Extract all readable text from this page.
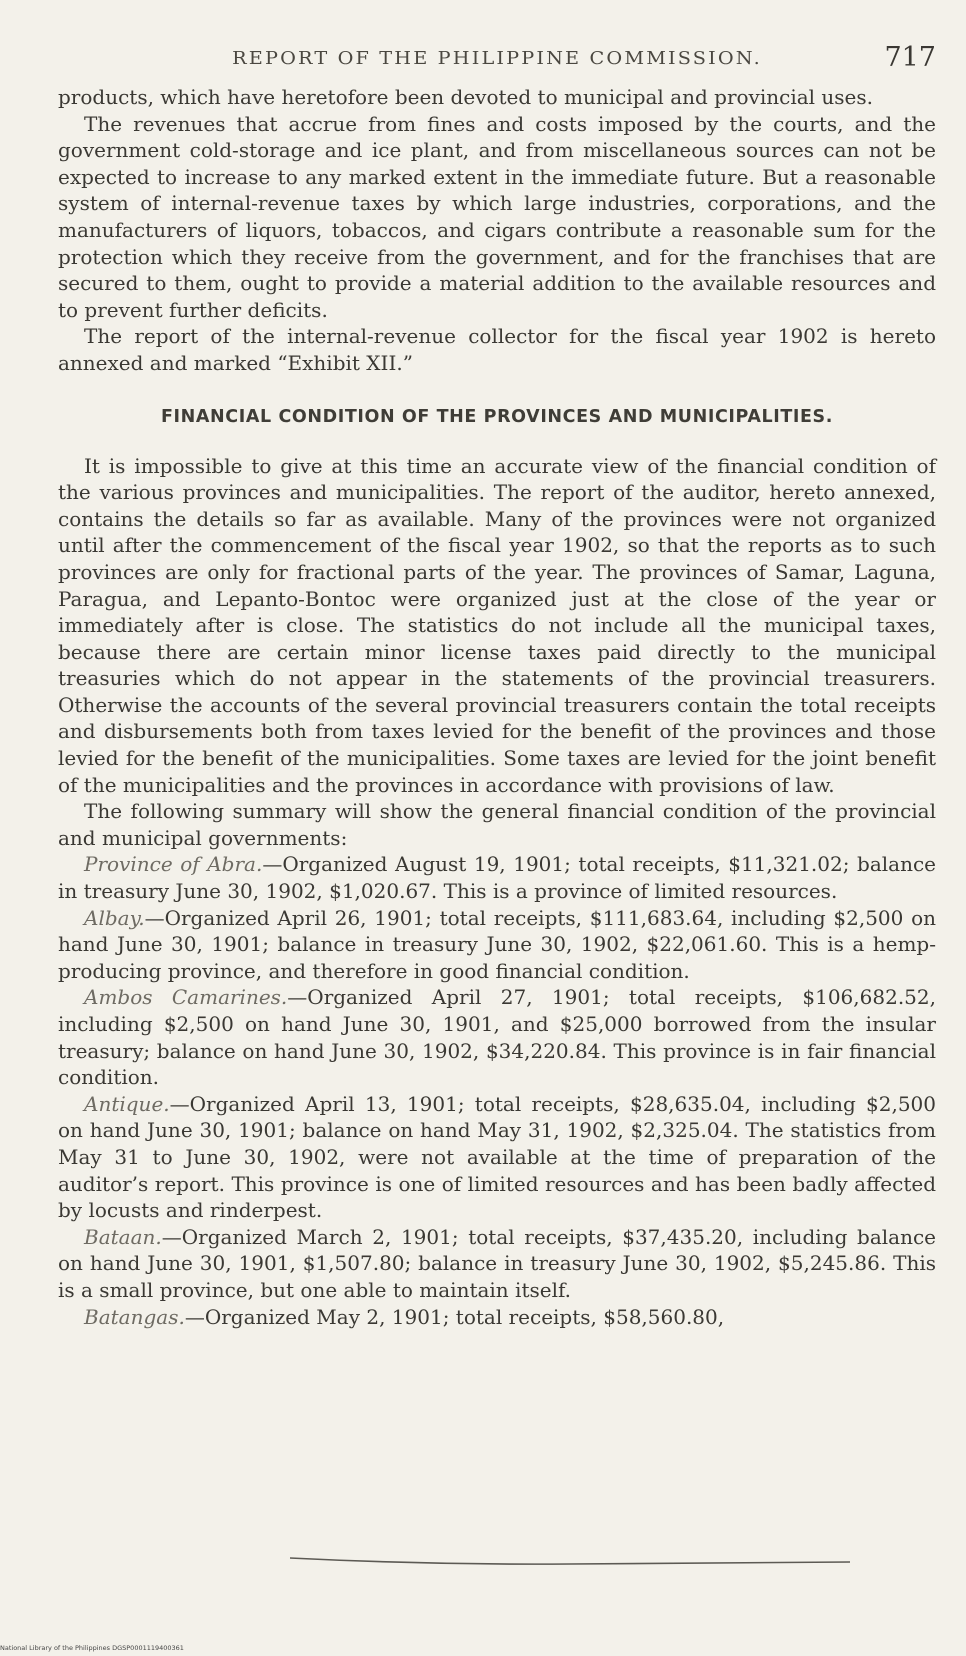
REPORT OF THE PHILIPPINE COMMISSION.	717

products, which have heretofore been devoted to municipal and provincial uses.

The revenues that accrue from fines and costs imposed by the courts, and the government cold-storage and ice plant, and from miscellaneous sources can not be expected to increase to any marked extent in the immediate future. But a reasonable system of internal-revenue taxes by which large industries, corporations, and the manufacturers of liquors, tobaccos, and cigars contribute a reasonable sum for the protection which they receive from the government, and for the franchises that are secured to them, ought to provide a material addition to the available resources and to prevent further deficits.

The report of the internal-revenue collector for the fiscal year 1902 is hereto annexed and marked “Exhibit XII.”

FINANCIAL CONDITION OF THE PROVINCES AND MUNICIPALITIES.

It is impossible to give at this time an accurate view of the financial condition of the various provinces and municipalities. The report of the auditor, hereto annexed, contains the details so far as available. Many of the provinces were not organized until after the commencement of the fiscal year 1902, so that the reports as to such provinces are only for fractional parts of the year. The provinces of Samar, Laguna, Paragua, and Lepanto-Bontoc were organized just at the close of the year or immediately after is close. The statistics do not include all the municipal taxes, because there are certain minor license taxes paid directly to the municipal treasuries which do not appear in the statements of the provincial treasurers. Otherwise the accounts of the several provincial treasurers contain the total receipts and disbursements both from taxes levied for the benefit of the provinces and those levied for the benefit of the municipalities. Some taxes are levied for the joint benefit of the municipalities and the provinces in accordance with provisions of law.

The following summary will show the general financial condition of the provincial and municipal governments:

Province of Abra.—Organized August 19, 1901; total receipts, $11,321.02; balance in treasury June 30, 1902, $1,020.67. This is a province of limited resources.

Albay.—Organized April 26, 1901; total receipts, $111,683.64, including $2,500 on hand June 30, 1901; balance in treasury June 30, 1902, $22,061.60. This is a hemp-producing province, and therefore in good financial condition.

Ambos Camarines.—Organized April 27, 1901; total receipts, $106,682.52, including $2,500 on hand June 30, 1901, and $25,000 borrowed from the insular treasury; balance on hand June 30, 1902, $34,220.84. This province is in fair financial condition.

Antique.—Organized April 13, 1901; total receipts, $28,635.04, including $2,500 on hand June 30, 1901; balance on hand May 31, 1902, $2,325.04. The statistics from May 31 to June 30, 1902, were not available at the time of preparation of the auditor’s report. This province is one of limited resources and has been badly affected by locusts and rinderpest.

Bataan.—Organized March 2, 1901; total receipts, $37,435.20, including balance on hand June 30, 1901, $1,507.80; balance in treasury June 30, 1902, $5,245.86. This is a small province, but one able to maintain itself.

Batangas.—Organized May 2, 1901; total receipts, $58,560.80,

National Library of the Philippines DGSP0001119400361
